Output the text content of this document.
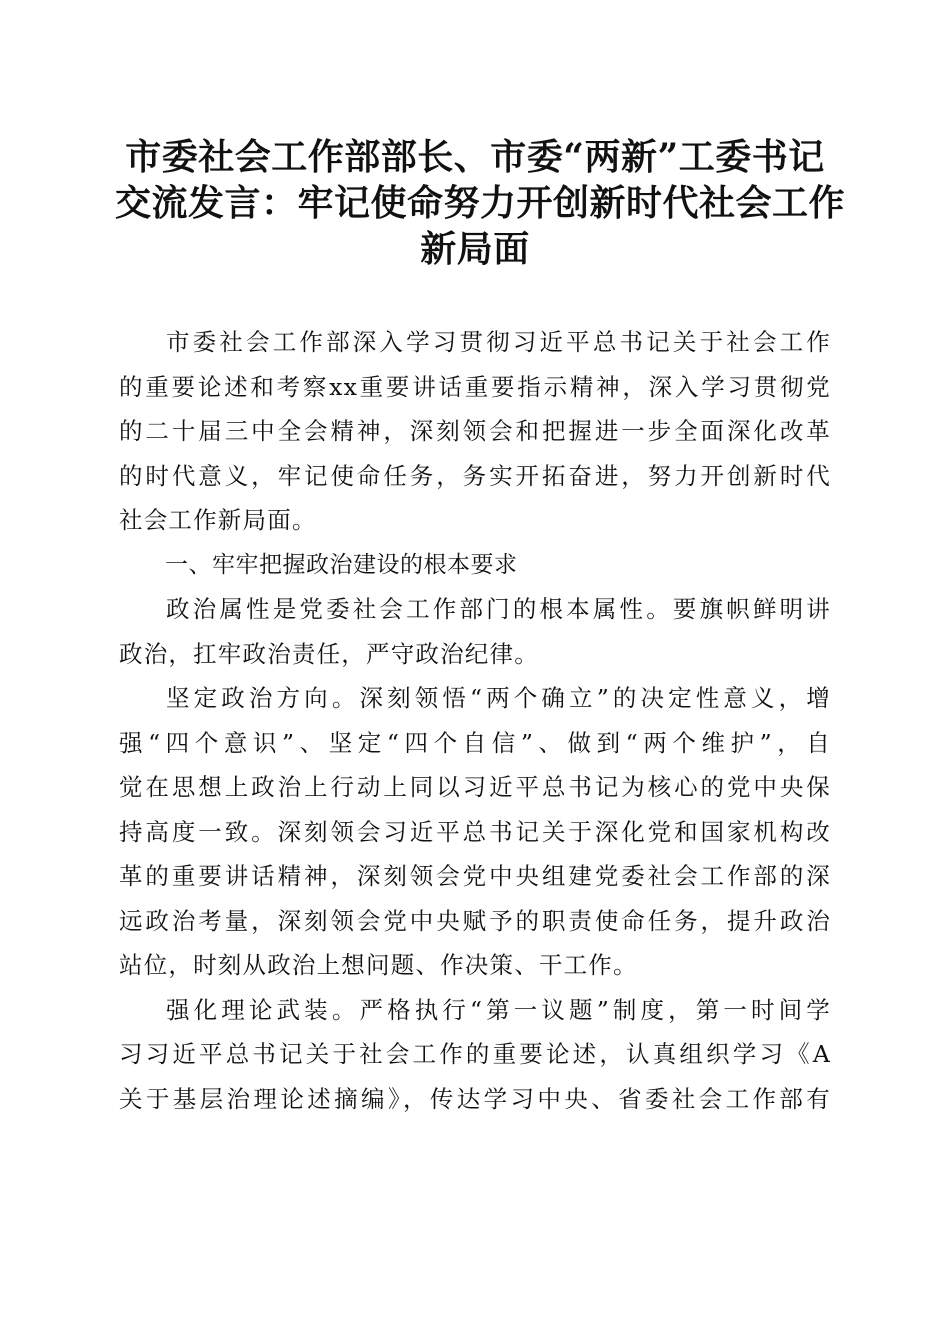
市委社会工作部部长、市委“两新”工委书记
交流发言：牢记使命努力开创新时代社会工作
新局面
市委社会工作部深入学习贯彻习近平总书记关于社会工作
的重要论述和考察xx重要讲话重要指示精神，深入学习贯彻党
的二十届三中全会精神，深刻领会和把握进一步全面深化改革
的时代意义，牢记使命任务，务实开拓奋进，努力开创新时代
社会工作新局面。
一、牢牢把握政治建设的根本要求
政治属性是党委社会工作部门的根本属性。要旗帜鲜明讲
政治，扛牢政治责任，严守政治纪律。
坚定政治方向。深刻领悟“两个确立”的决定性意义，增
强“四个意识”、坚定“四个自信”、做到“两个维护”，自
觉在思想上政治上行动上同以习近平总书记为核心的党中央保
持高度一致。深刻领会习近平总书记关于深化党和国家机构改
革的重要讲话精神，深刻领会党中央组建党委社会工作部的深
远政治考量，深刻领会党中央赋予的职责使命任务，提升政治
站位，时刻从政治上想问题、作决策、干工作。
强化理论武装。严格执行“第一议题”制度，第一时间学
习习近平总书记关于社会工作的重要论述，认真组织学习《A
关于基层治理论述摘编》，传达学习中央、省委社会工作部有
